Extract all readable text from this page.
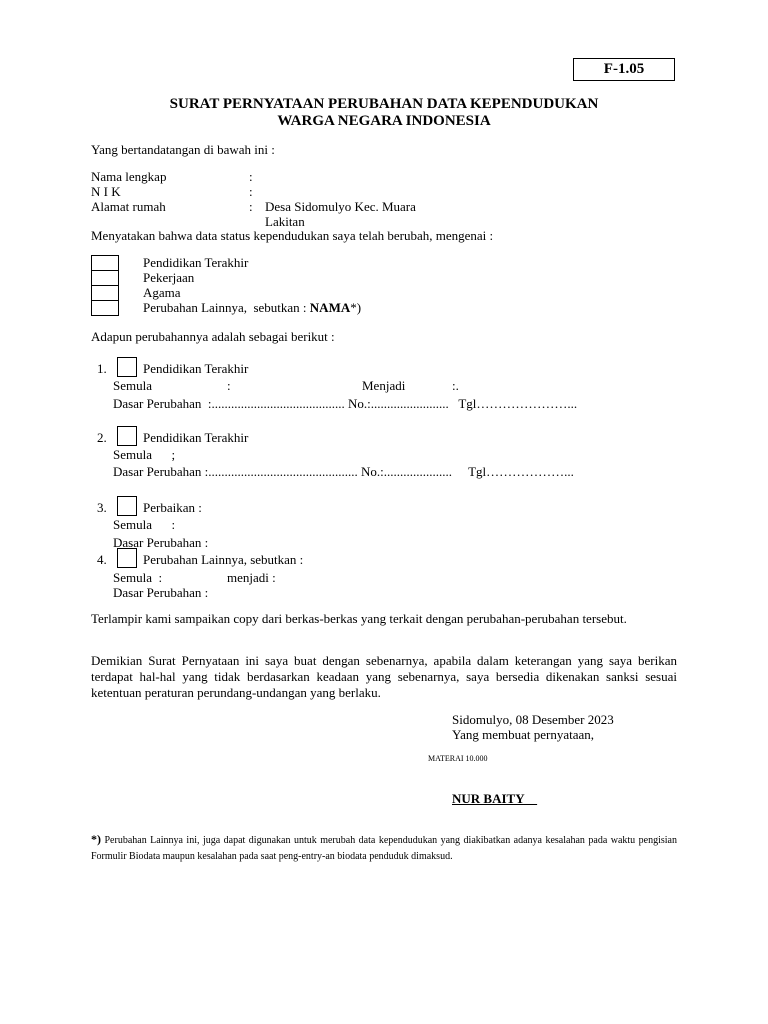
F-1.05
SURAT PERNYATAAN PERUBAHAN DATA KEPENDUDUKAN
WARGA NEGARA INDONESIA
Yang bertandatangan di bawah ini :
Nama lengkap	:
N I K	:
Alamat rumah	: Desa Sidomulyo Kec. Muara
Lakitan
Menyatakan bahwa data status kependudukan saya telah berubah, mengenai :
Pendidikan Terakhir
Pekerjaan
Agama
Perubahan Lainnya,  sebutkan : NAMA*)
Adapun perubahannya adalah sebagai berikut :
1.	Pendidikan Terakhir
Semula	:	Menjadi	:.
Dasar Perubahan  :......................................... No.:........................   Tgl…………………...
2.	Pendidikan Terakhir
Semula      ;
Dasar Perubahan :.............................................. No.:.....................     Tgl………………...
3.	Perbaikan :
Semula      :
Dasar Perubahan :
4.	Perubahan Lainnya, sebutkan :
Semula  :	menjadi :
Dasar Perubahan :
Terlampir kami sampaikan copy dari berkas-berkas yang terkait dengan perubahan-perubahan tersebut.
Demikian Surat Pernyataan ini saya buat dengan sebenarnya, apabila dalam keterangan yang saya berikan terdapat hal-hal yang tidak berdasarkan keadaan yang sebenarnya, saya bersedia dikenakan sanksi sesuai ketentuan peraturan perundang-undangan yang berlaku.
Sidomulyo, 08 Desember 2023
Yang membuat pernyataan,
MATERAI 10.000
NUR BAITY
*) Perubahan Lainnya ini, juga dapat digunakan untuk merubah data kependudukan yang diakibatkan adanya kesalahan pada waktu pengisian Formulir Biodata maupun kesalahan pada saat peng-entry-an biodata penduduk dimaksud.
